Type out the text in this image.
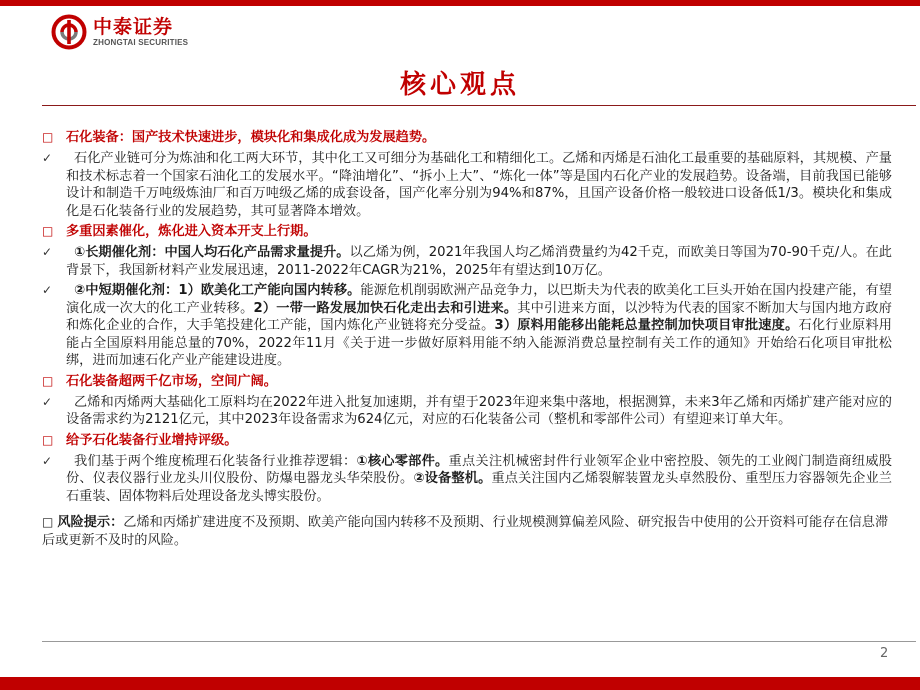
中泰证券
ZHONGTAI SECURITIES
核心观点
□ 石化装备：国产技术快速进步，模块化和集成化成为发展趋势。
✓	石化产业链可分为炼油和化工两大环节，其中化工又可细分为基础化工和精细化工。乙烯和丙烯是石油化工最重要的基础原料，其规模、产量和技术标志着一个国家石油化工的发展水平。“降油增化”、“拆小上大”、“炼化一体”等是国内石化产业的发展趋势。设备端，目前我国已能够设计和制造千万吨级炼油厂和百万吨级乙烯的成套设备，国产化率分别为94%和87%，且国产设备价格一般较进口设备低1/3。模块化和集成化是石化装备行业的发展趋势，其可显著降本增效。
□ 多重因素催化，炼化进入资本开支上行期。
✓	①长期催化剂：中国人均石化产品需求量提升。以乙烯为例，2021年我国人均乙烯消费量约为42千克，而欧美日等国为70-90千克/人。在此背景下，我国新材料产业发展迅速，2011-2022年CAGR为21%，2025年有望达到10万亿。
✓	②中短期催化剂：1）欧美化工产能向国内转移。能源危机削弱欧洲产品竞争力，以巴斯夫为代表的欧美化工巨头开始在国内投建产能，有望演化成一次大的化工产业转移。2）一带一路发展加快石化走出去和引进来。其中引进来方面，以沙特为代表的国家不断加大与国内地方政府和炼化企业的合作，大手笔投建化工产能，国内炼化产业链将充分受益。3）原料用能移出能耗总量控制加快项目审批速度。石化行业原料用能占全国原料用能总量的70%，2022年11月《关于进一步做好原料用能不纳入能源消费总量控制有关工作的通知》开始给石化项目审批松绑，进而加速石化产业产能建设进度。
□ 石化装备超两千亿市场，空间广阔。
✓	乙烯和丙烯两大基础化工原料均在2022年进入批复加速期，并有望于2023年迎来集中落地，根据测算，未来3年乙烯和丙烯扩建产能对应的设备需求约为2121亿元，其中2023年设备需求为624亿元，对应的石化装备公司（整机和零部件公司）有望迎来订单大年。
□ 给予石化装备行业增持评级。
✓	我们基于两个维度梳理石化装备行业推荐逻辑：①核心零部件。重点关注机械密封件行业领军企业中密控股、领先的工业阀门制造商纽威股份、仪表仪器行业龙头川仪股份、防爆电器龙头华荣股份。②设备整机。重点关注国内乙烯裂解装置龙头卓然股份、重型压力容器领先企业兰石重装、固体物料后处理设备龙头博实股份。
□ 风险提示：乙烯和丙烯扩建进度不及预期、欧美产能向国内转移不及预期、行业规模测算偏差风险、研究报告中使用的公开资料可能存在信息滞后或更新不及时的风险。
2
